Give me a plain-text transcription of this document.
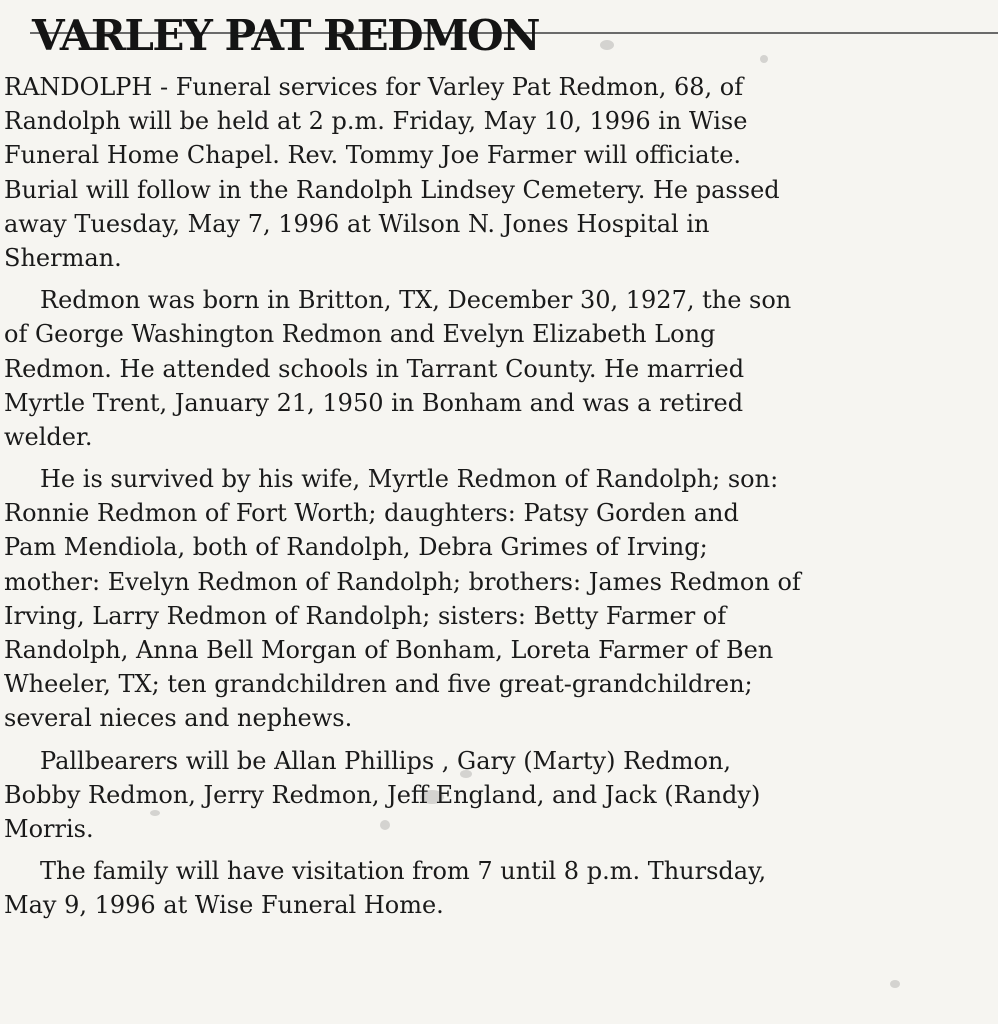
VARLEY PAT REDMON
RANDOLPH - Funeral services for Varley Pat Redmon, 68, of
Randolph will be held at 2 p.m. Friday, May 10, 1996 in Wise
Funeral Home Chapel. Rev. Tommy Joe Farmer will officiate.
Burial will follow in the Randolph Lindsey Cemetery. He passed
away Tuesday, May 7, 1996 at Wilson N. Jones Hospital in
Sherman.
Redmon was born in Britton, TX, December 30, 1927, the son
of George Washington Redmon and Evelyn Elizabeth Long
Redmon. He attended schools in Tarrant County. He married
Myrtle Trent, January 21, 1950 in Bonham and was a retired
welder.
He is survived by his wife, Myrtle Redmon of Randolph; son:
Ronnie Redmon of Fort Worth; daughters: Patsy Gorden and
Pam Mendiola, both of Randolph, Debra Grimes of Irving;
mother: Evelyn Redmon of Randolph; brothers: James Redmon of
Irving, Larry Redmon of Randolph; sisters: Betty Farmer of
Randolph, Anna Bell Morgan of Bonham, Loreta Farmer of Ben
Wheeler, TX; ten grandchildren and five great-grandchildren;
several nieces and nephews.
Pallbearers will be Allan Phillips , Gary (Marty) Redmon,
Bobby Redmon, Jerry Redmon, Jeff England, and Jack (Randy)
Morris.
The family will have visitation from 7 until 8 p.m. Thursday,
May 9, 1996 at Wise Funeral Home.
